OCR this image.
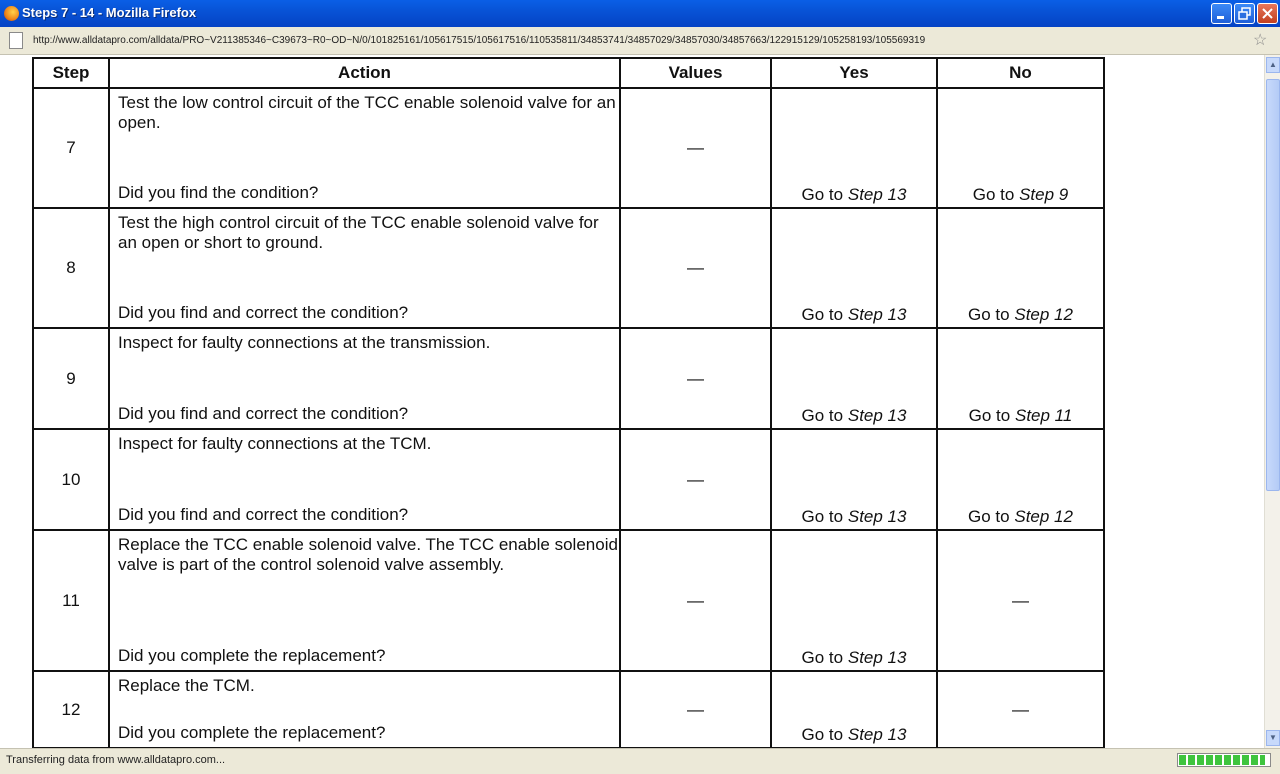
Steps 7 - 14 - Mozilla Firefox
http://www.alldatapro.com/alldata/PRO~V211385346~C39673~R0~OD~N/0/101825161/105617515/105617516/110535811/34853741/34857029/34857030/34857663/122915129/105258193/105569319	☆
Step	Action	Values	Yes	No
7	Test the low control circuit of the TCC enable solenoid valve for an open.
Did you find the condition?	—	Go to Step 13	Go to Step 9

8	Test the high control circuit of the TCC enable solenoid valve for an open or short to ground.
Did you find and correct the condition?	—	Go to Step 13	Go to Step 12

9	Inspect for faulty connections at the transmission.
Did you find and correct the condition?	—	Go to Step 13	Go to Step 11

10	Inspect for faulty connections at the TCM.
Did you find and correct the condition?	—	Go to Step 13	Go to Step 12

11	Replace the TCC enable solenoid valve. The TCC enable solenoid valve is part of the control solenoid valve assembly.
Did you complete the replacement?	—	Go to Step 13	—

12	Replace the TCM.
Did you complete the replacement?	—	Go to Step 13	—
▲
▼
Transferring data from www.alldatapro.com...
